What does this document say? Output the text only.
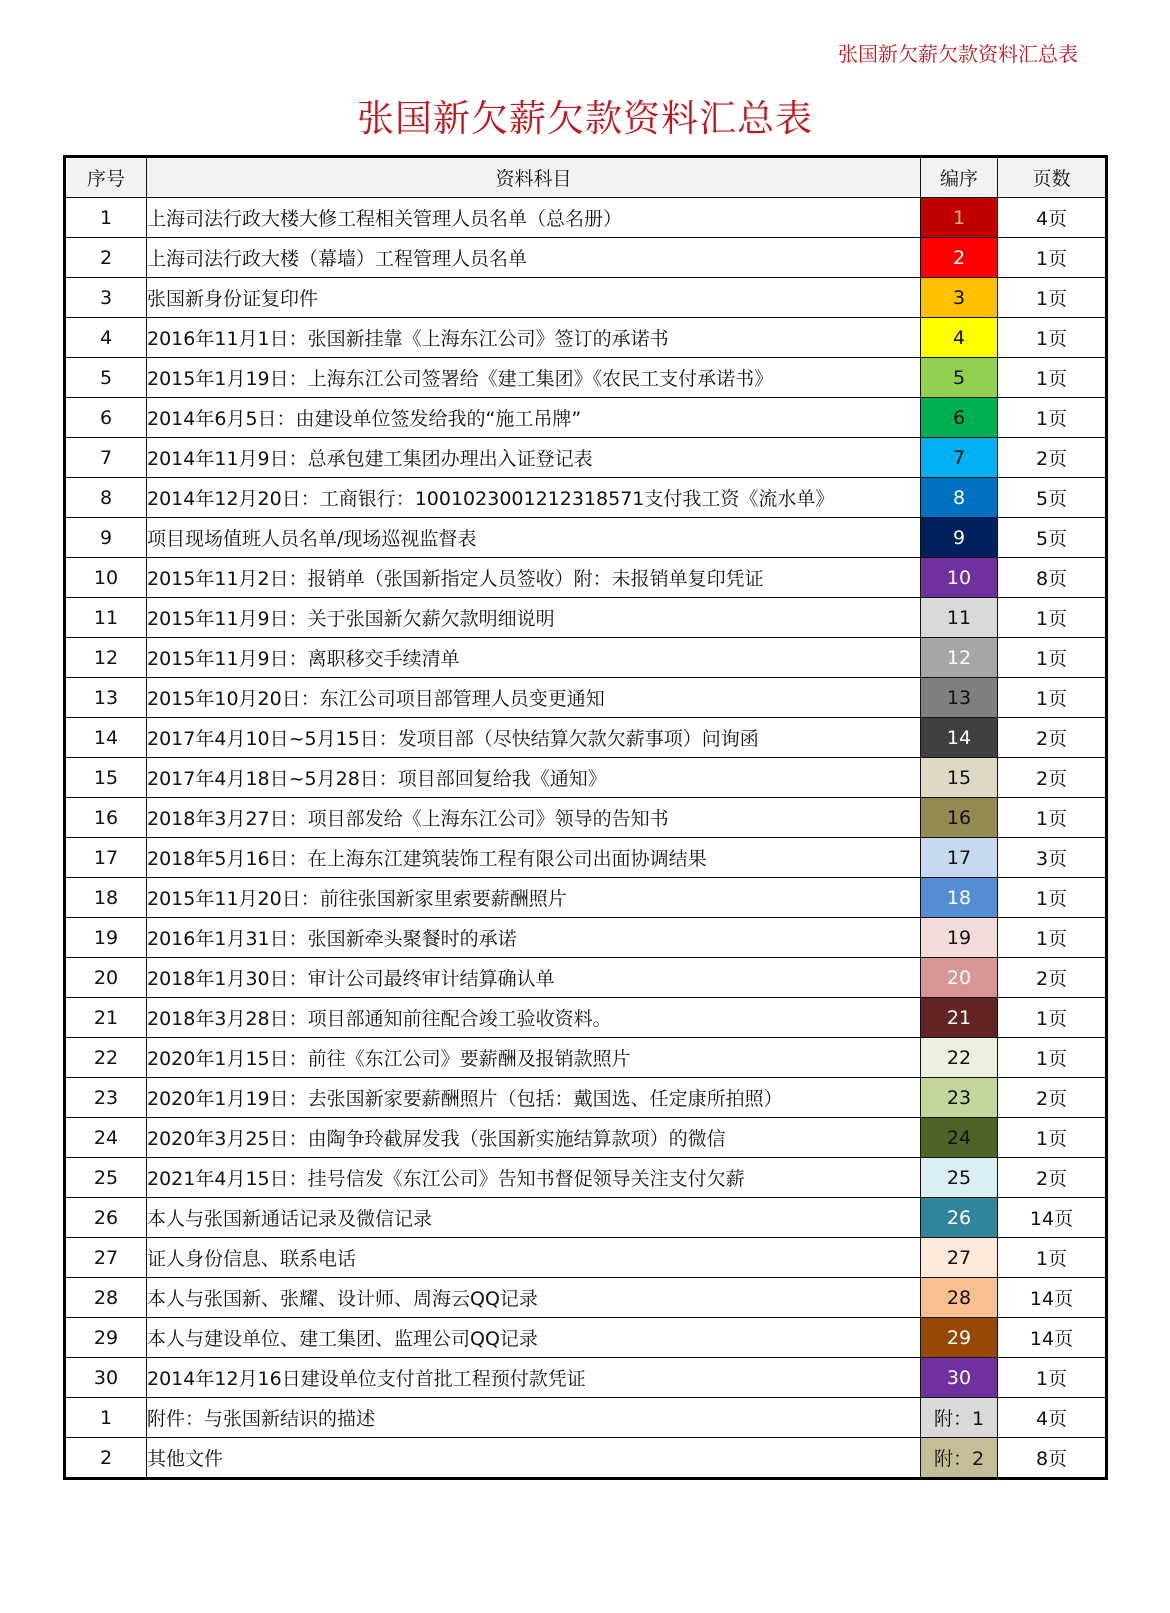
张国新欠薪欠款资料汇总表
张国新欠薪欠款资料汇总表
序号	资料科目	编序	页数
1	上海司法行政大楼大修工程相关管理人员名单（总名册）	1	4页
2	上海司法行政大楼（幕墙）工程管理人员名单	2	1页
3	张国新身份证复印件	3	1页
4	2016年11月1日：张国新挂靠《上海东江公司》签订的承诺书	4	1页
5	2015年1月19日：上海东江公司签署给《建工集团》《农民工支付承诺书》	5	1页
6	2014年6月5日：由建设单位签发给我的“施工吊牌”	6	1页
7	2014年11月9日：总承包建工集团办理出入证登记表	7	2页
8	2014年12月20日：工商银行：1001023001212318571支付我工资《流水单》	8	5页
9	项目现场值班人员名单/现场巡视监督表	9	5页
10	2015年11月2日：报销单（张国新指定人员签收）附：未报销单复印凭证	10	8页
11	2015年11月9日：关于张国新欠薪欠款明细说明	11	1页
12	2015年11月9日：离职移交手续清单	12	1页
13	2015年10月20日：东江公司项目部管理人员变更通知	13	1页
14	2017年4月10日~5月15日：发项目部（尽快结算欠款欠薪事项）问询函	14	2页
15	2017年4月18日~5月28日：项目部回复给我《通知》	15	2页
16	2018年3月27日：项目部发给《上海东江公司》领导的告知书	16	1页
17	2018年5月16日：在上海东江建筑装饰工程有限公司出面协调结果	17	3页
18	2015年11月20日：前往张国新家里索要薪酬照片	18	1页
19	2016年1月31日：张国新牵头聚餐时的承诺	19	1页
20	2018年1月30日：审计公司最终审计结算确认单	20	2页
21	2018年3月28日：项目部通知前往配合竣工验收资料。	21	1页
22	2020年1月15日：前往《东江公司》要薪酬及报销款照片	22	1页
23	2020年1月19日：去张国新家要薪酬照片（包括：戴国选、任定康所拍照）	23	2页
24	2020年3月25日：由陶争玲截屏发我（张国新实施结算款项）的微信	24	1页
25	2021年4月15日：挂号信发《东江公司》告知书督促领导关注支付欠薪	25	2页
26	本人与张国新通话记录及微信记录	26	14页
27	证人身份信息、联系电话	27	1页
28	本人与张国新、张耀、设计师、周海云QQ记录	28	14页
29	本人与建设单位、建工集团、监理公司QQ记录	29	14页
30	2014年12月16日建设单位支付首批工程预付款凭证	30	1页
1	附件：与张国新结识的描述	附：1	4页
2	其他文件	附：2	8页
